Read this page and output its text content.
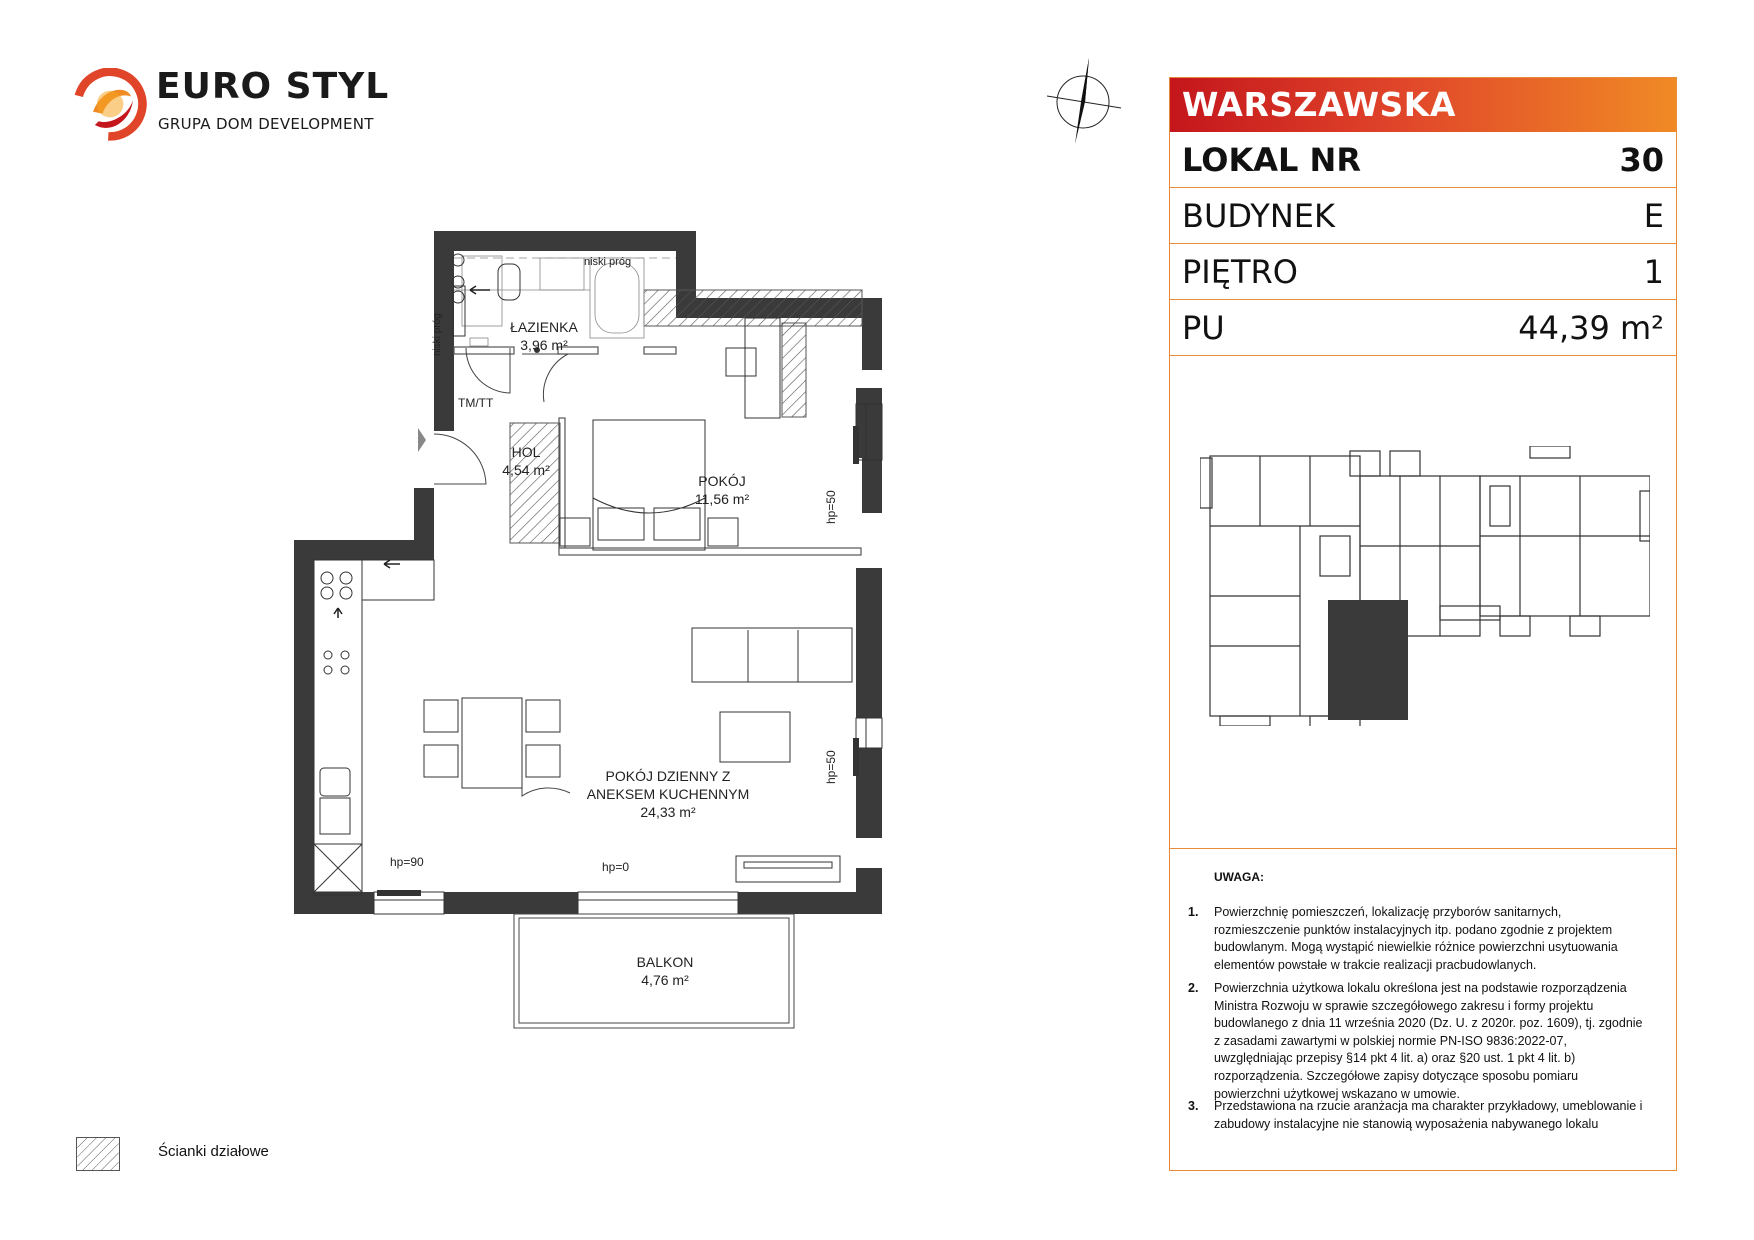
EURO STYL
GRUPA DOM DEVELOPMENT
ŁAZIENKA
3,96 m²
HOL
4,54 m²
POKÓJ
11,56 m²
POKÓJ DZIENNY Z
ANEKSEM KUCHENNYM
24,33 m²
BALKON
4,76 m²
niski próg
niski próg
TM/TT
hp=50
hp=50
hp=90	hp=0
WARSZAWSKA
LOKAL NR	30
BUDYNEK	E
PIĘTRO	1
PU	44,39 m²
UWAGA:
1. Powierzchnię pomieszczeń, lokalizację przyborów sanitarnych, rozmieszczenie punktów instalacyjnych itp. podano zgodnie z projektem budowlanym. Mogą wystąpić niewielkie różnice powierzchni usytuowania elementów powstałe w trakcie realizacji pracbudowlanych.
2. Powierzchnia użytkowa lokalu określona jest na podstawie rozporządzenia Ministra Rozwoju w sprawie szczegółowego zakresu i formy projektu budowlanego z dnia 11 września 2020 (Dz. U. z 2020r. poz. 1609), tj. zgodnie z zasadami zawartymi w polskiej normie PN-ISO 9836:2022-07, uwzględniając przepisy §14 pkt 4 lit. a) oraz §20 ust. 1 pkt 4 lit. b) rozporządzenia. Szczegółowe zapisy dotyczące sposobu pomiaru powierzchni użytkowej wskazano w umowie.
3. Przedstawiona na rzucie aranżacja ma charakter przykładowy, umeblowanie i zabudowy instalacyjne nie stanowią wyposażenia nabywanego lokalu
Ścianki działowe
